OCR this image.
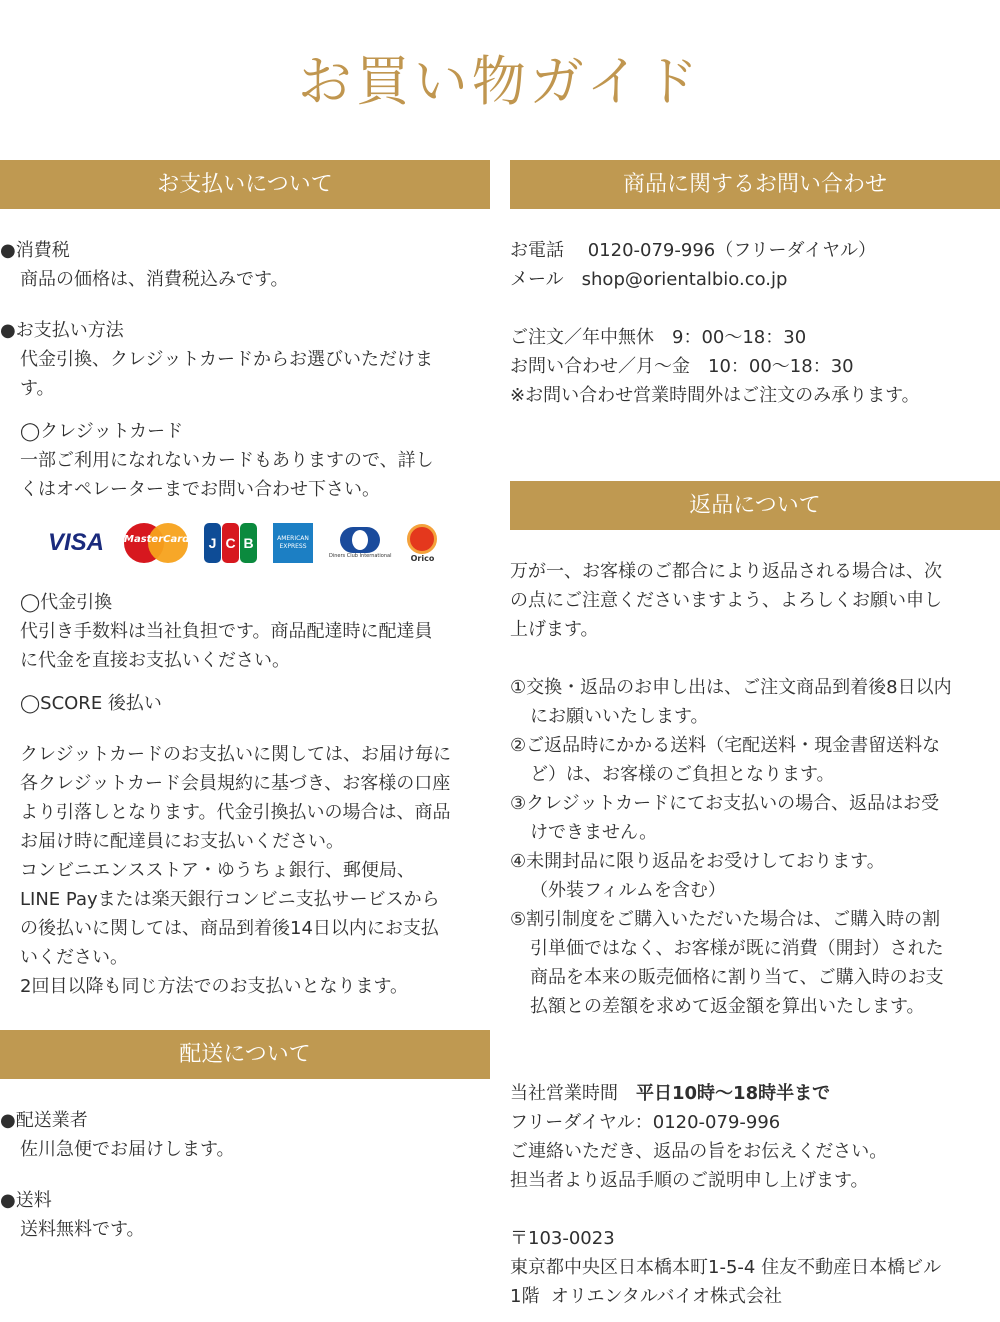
お買い物ガイド
お支払いについて
●消費税
商品の価格は、消費税込みです。
●お支払い方法
代金引換、クレジットカードからお選びいただけま
す。
◯クレジットカード
一部ご利用になれないカードもありますので、詳し
くはオペレーターまでお問い合わせ下さい。
VISA	MasterCard	J C B	AMERICAN EXPRESS
Diners Club International Orico
◯代金引換
代引き手数料は当社負担です。商品配達時に配達員
に代金を直接お支払いください。
◯SCORE 後払い
クレジットカードのお支払いに関しては、お届け毎に
各クレジットカード会員規約に基づき、お客様の口座
より引落しとなります。代金引換払いの場合は、商品
お届け時に配達員にお支払いください。
コンビニエンスストア・ゆうちょ銀行、郵便局、
LINE Payまたは楽天銀行コンビニ支払サービスから
の後払いに関しては、商品到着後14日以内にお支払
いください。
2回目以降も同じ方法でのお支払いとなります。
配送について
●配送業者
佐川急便でお届けします。
●送料
送料無料です。
商品に関するお問い合わせ
お電話　 0120-079-996（フリーダイヤル）
メール　shop@orientalbio.co.jp
ご注文／年中無休　9：00〜18：30
お問い合わせ／月〜金　10：00〜18：30
※お問い合わせ営業時間外はご注文のみ承ります。
返品について
万が一、お客様のご都合により返品される場合は、次
の点にご注意くださいますよう、よろしくお願い申し
上げます。
①交換・返品のお申し出は、ご注文商品到着後8日以内
にお願いいたします。
②ご返品時にかかる送料（宅配送料・現金書留送料な
ど）は、お客様のご負担となります。
③クレジットカードにてお支払いの場合、返品はお受
けできません。
④未開封品に限り返品をお受けしております。
（外装フィルムを含む）
⑤割引制度をご購入いただいた場合は、ご購入時の割
引単価ではなく、お客様が既に消費（開封）された
商品を本来の販売価格に割り当て、ご購入時のお支
払額との差額を求めて返金額を算出いたします。
当社営業時間　平日10時〜18時半まで
フリーダイヤル：0120-079-996
ご連絡いただき、返品の旨をお伝えください。
担当者より返品手順のご説明申し上げます。
〒103-0023
東京都中央区日本橋本町1-5-4 住友不動産日本橋ビル
1階  オリエンタルバイオ株式会社
